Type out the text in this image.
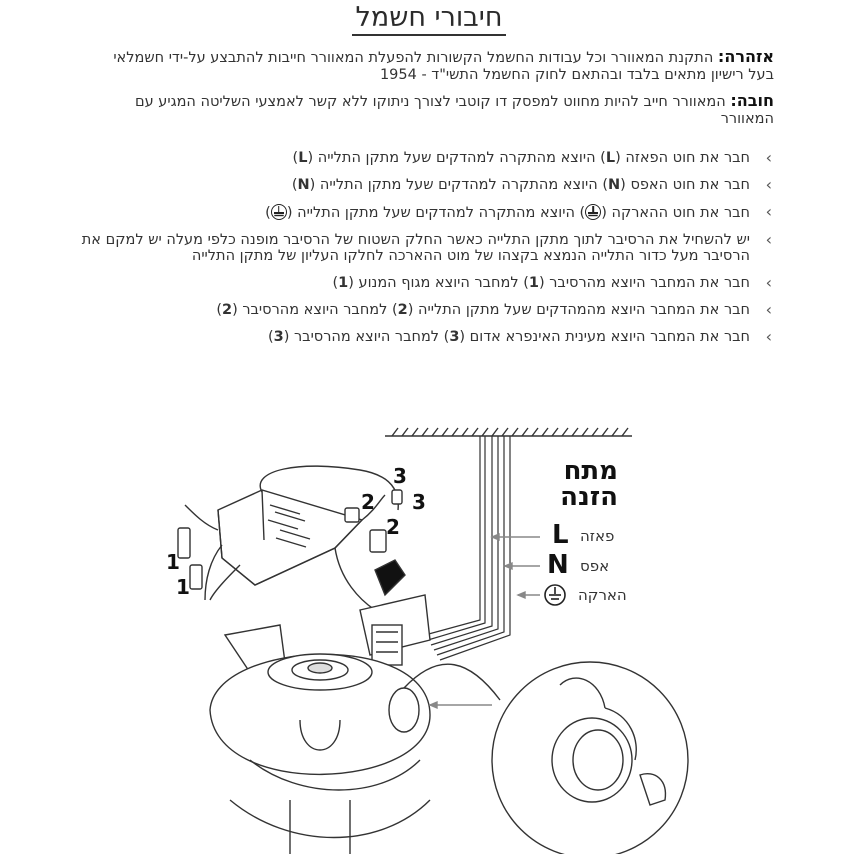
חיבורי חשמל
אזהרה: התקנת המאוורר וכל עבודות החשמל הקשורות להפעלת המאוורר חייבות להתבצע על-ידי חשמלאי בעל רישיון מתאים בלבד ובהתאם לחוק החשמל התשי"ד - 1954
חובה: המאוורר חייב להיות מחווט למפסק דו קוטבי לצורך ניתוקו ללא קשר לאמצעי השליטה המגיע עם המאוורר
› חבר את חוט הפאזה (L) היוצא מהתקרה למהדקים שעל מתקן התלייה (L)
› חבר את חוט האפס (N) היוצא מהתקרה למהדקים שעל מתקן התלייה (N)
› חבר את חוט ההארקה () היוצא מהתקרה למהדקים שעל מתקן התלייה ()
› יש להשחיל את הרסיבר לתוך מתקן התלייה כאשר החלק השטוח של הרסיבר מופנה כלפי מעלה יש למקם את הרסיבר מעל כדור התלייה הנמצא בקצהו של מוט ההארכה לחלקו העליון של מתקן התלייה
› חבר את המחבר היוצא מהרסיבר (1) למחבר היוצא מגוף המנוע (1)
› חבר את המחבר היוצא מהמהדקים שעל מתקן התלייה (2) למחבר היוצא מהרסיבר (2)
› חבר את המחבר היוצא מעינית האינפרא אדום (3) למחבר היוצא מהרסיבר (3)
מתח
הזנה
L פאזה
N אפס
הארקה
3
3
2
2
1
1
